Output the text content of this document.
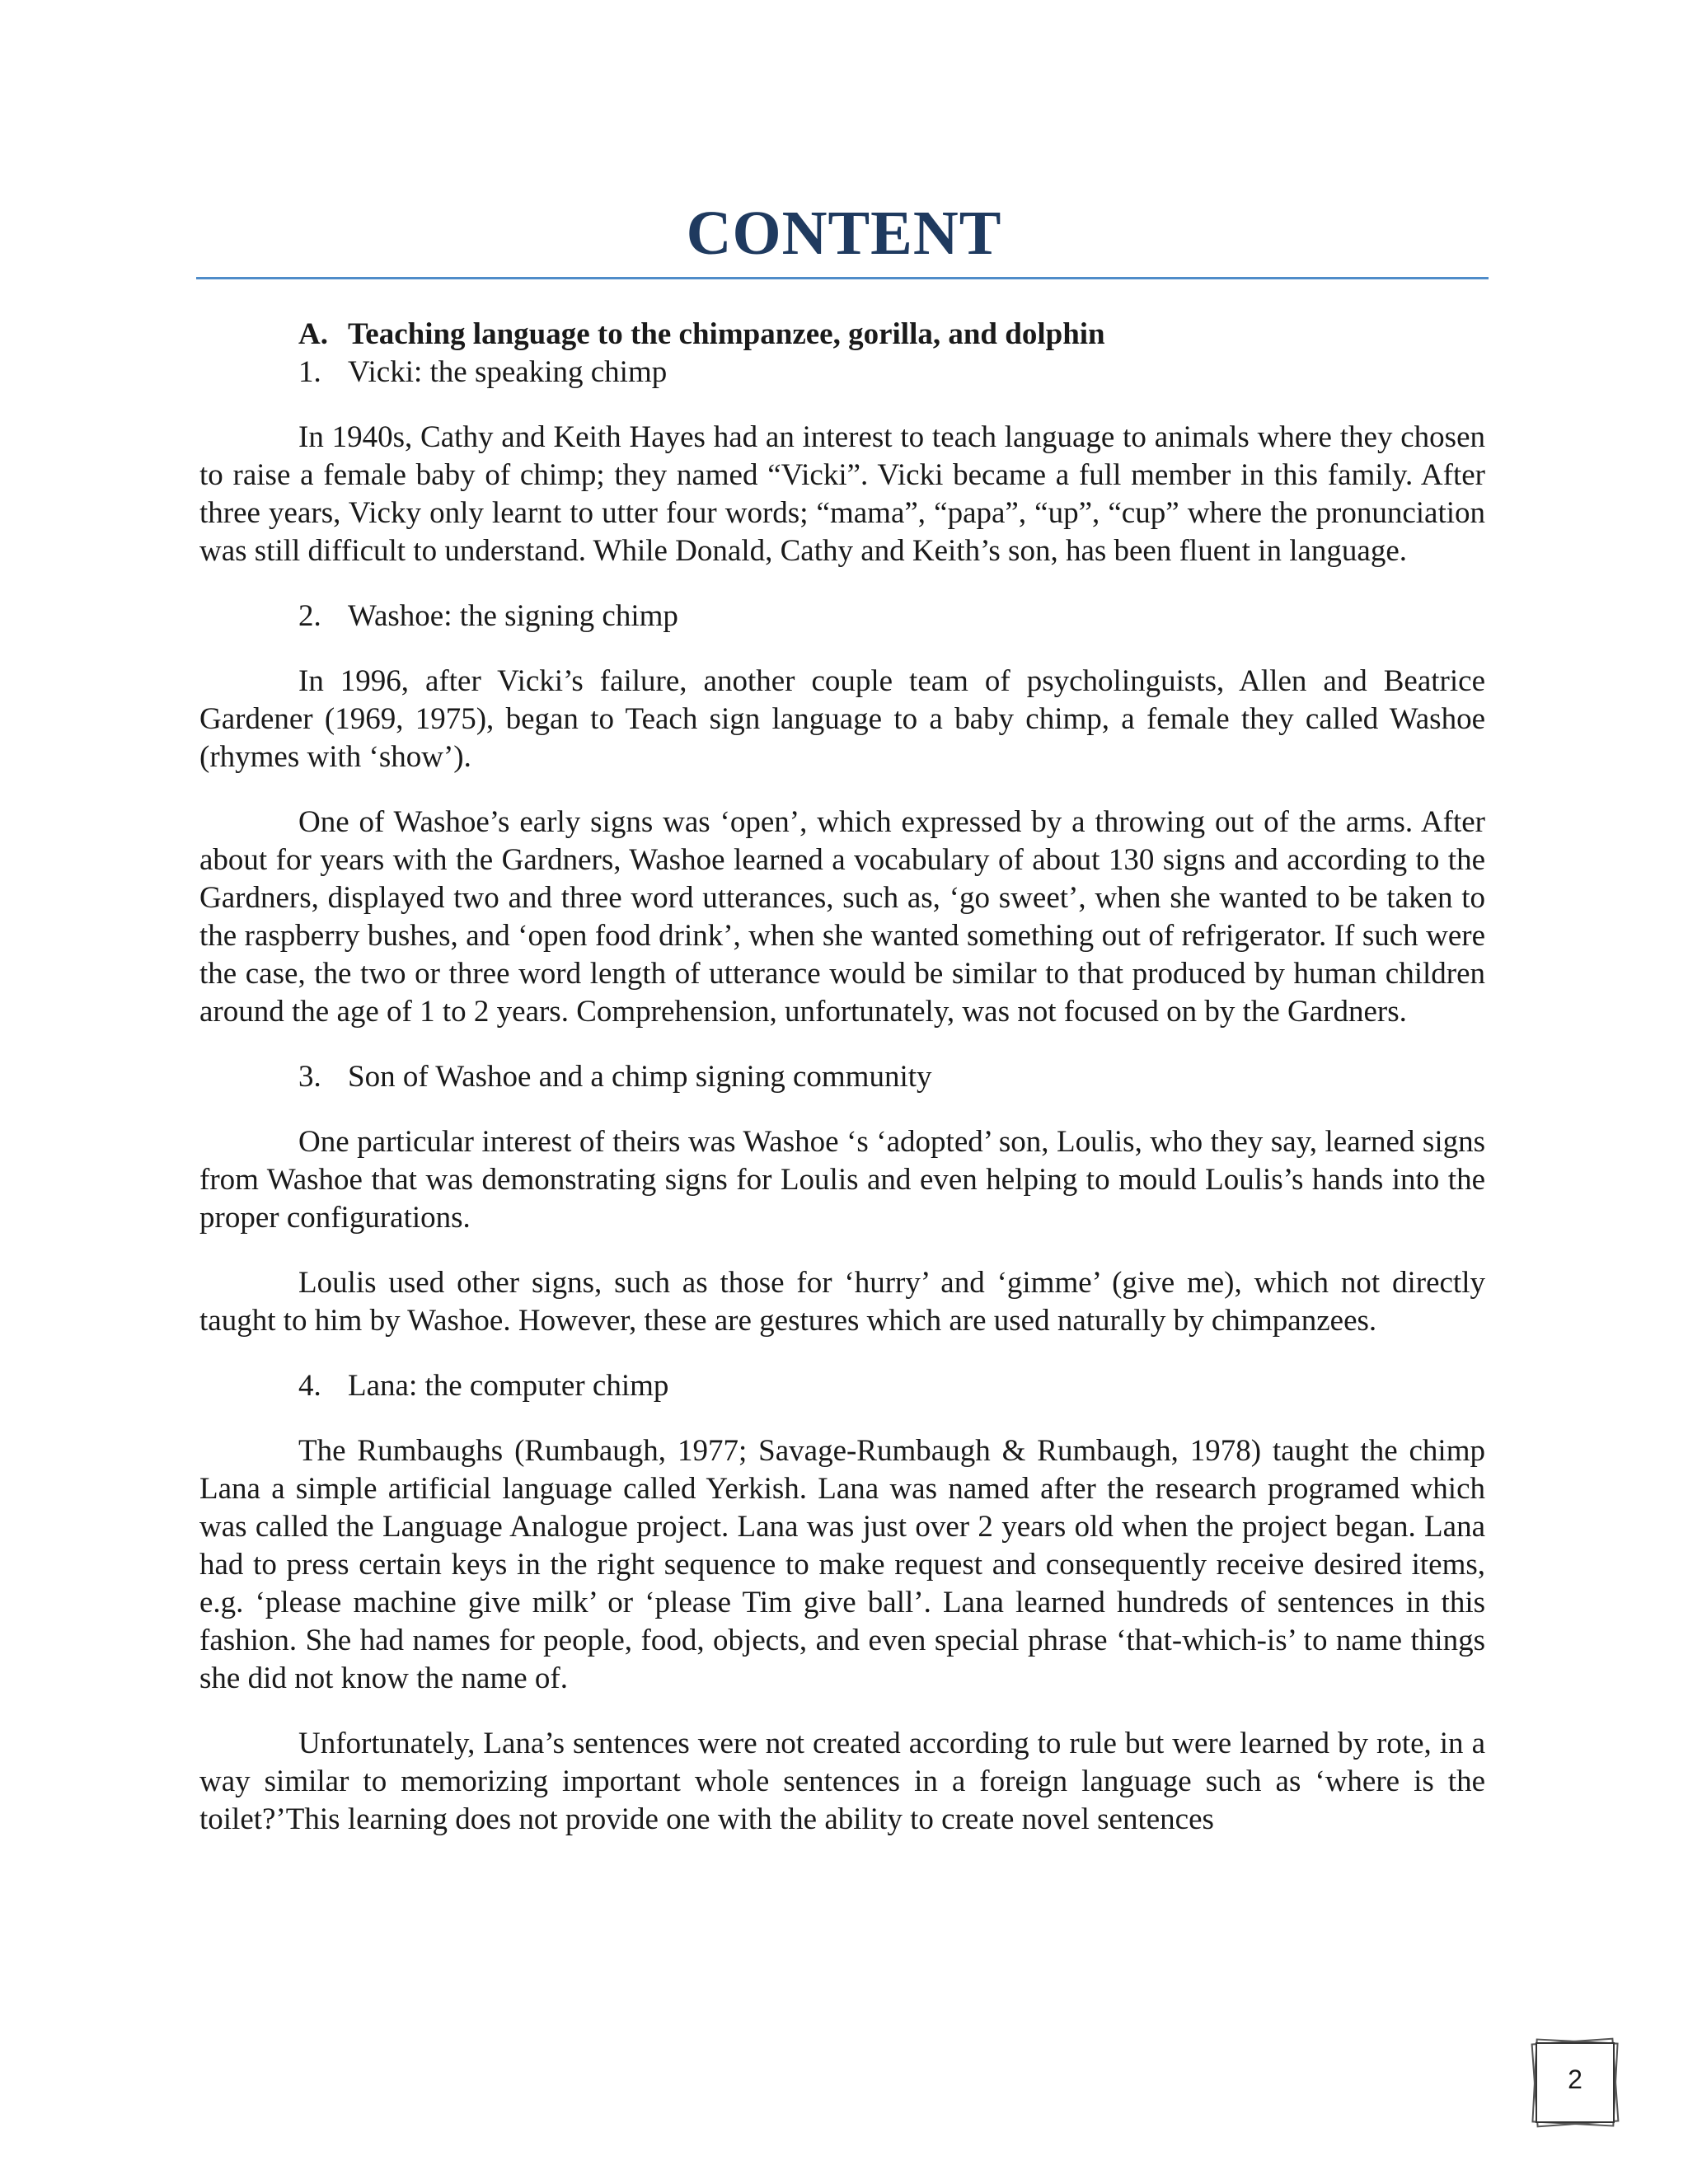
CONTENT

A. Teaching language to the chimpanzee, gorilla, and dolphin

1. Vicki: the speaking chimp

In 1940s, Cathy and Keith Hayes had an interest to teach language to animals where they chosen to raise a female baby of chimp; they named “Vicki”. Vicki became a full member in this family. After three years, Vicky only learnt to utter four words; “mama”, “papa”, “up”, “cup” where the pronunciation was still difficult to understand. While Donald, Cathy and Keith’s son, has been fluent in language.

2. Washoe: the signing chimp

In 1996, after Vicki’s failure, another couple team of psycholinguists, Allen and Beatrice Gardener (1969, 1975), began to Teach sign language to a baby chimp, a female they called Washoe (rhymes with ‘show’).

One of Washoe’s early signs was ‘open’, which expressed by a throwing out of the arms. After about for years with the Gardners, Washoe learned a vocabulary of about 130 signs and according to the Gardners, displayed two and three word utterances, such as, ‘go sweet’, when she wanted to be taken to the raspberry bushes, and ‘open food drink’, when she wanted something out of refrigerator. If such were the case, the two or three word length of utterance would be similar to that produced by human children around the age of 1 to 2 years. Comprehension, unfortunately, was not focused on by the Gardners.

3. Son of Washoe and a chimp signing community

One particular interest of theirs was Washoe ‘s ‘adopted’ son, Loulis, who they say, learned signs from Washoe that was demonstrating signs for Loulis and even helping to mould Loulis’s hands into the proper configurations.

Loulis used other signs, such as those for ‘hurry’ and ‘gimme’ (give me), which not directly taught to him by Washoe. However, these are gestures which are used naturally by chimpanzees.

4. Lana: the computer chimp

The Rumbaughs (Rumbaugh, 1977; Savage-Rumbaugh & Rumbaugh, 1978) taught the chimp Lana a simple artificial language called Yerkish. Lana was named after the research programed which was called the Language Analogue project. Lana was just over 2 years old when the project began. Lana had to press certain keys in the right sequence to make request and consequently receive desired items, e.g. ‘please machine give milk’ or ‘please Tim give ball’. Lana learned hundreds of sentences in this fashion. She had names for people, food, objects, and even special phrase ‘that-which-is’ to name things she did not know the name of.

Unfortunately, Lana’s sentences were not created according to rule but were learned by rote, in a way similar to memorizing important whole sentences in a foreign language such as ‘where is the toilet?’This learning does not provide one with the ability to create novel sentences

2
